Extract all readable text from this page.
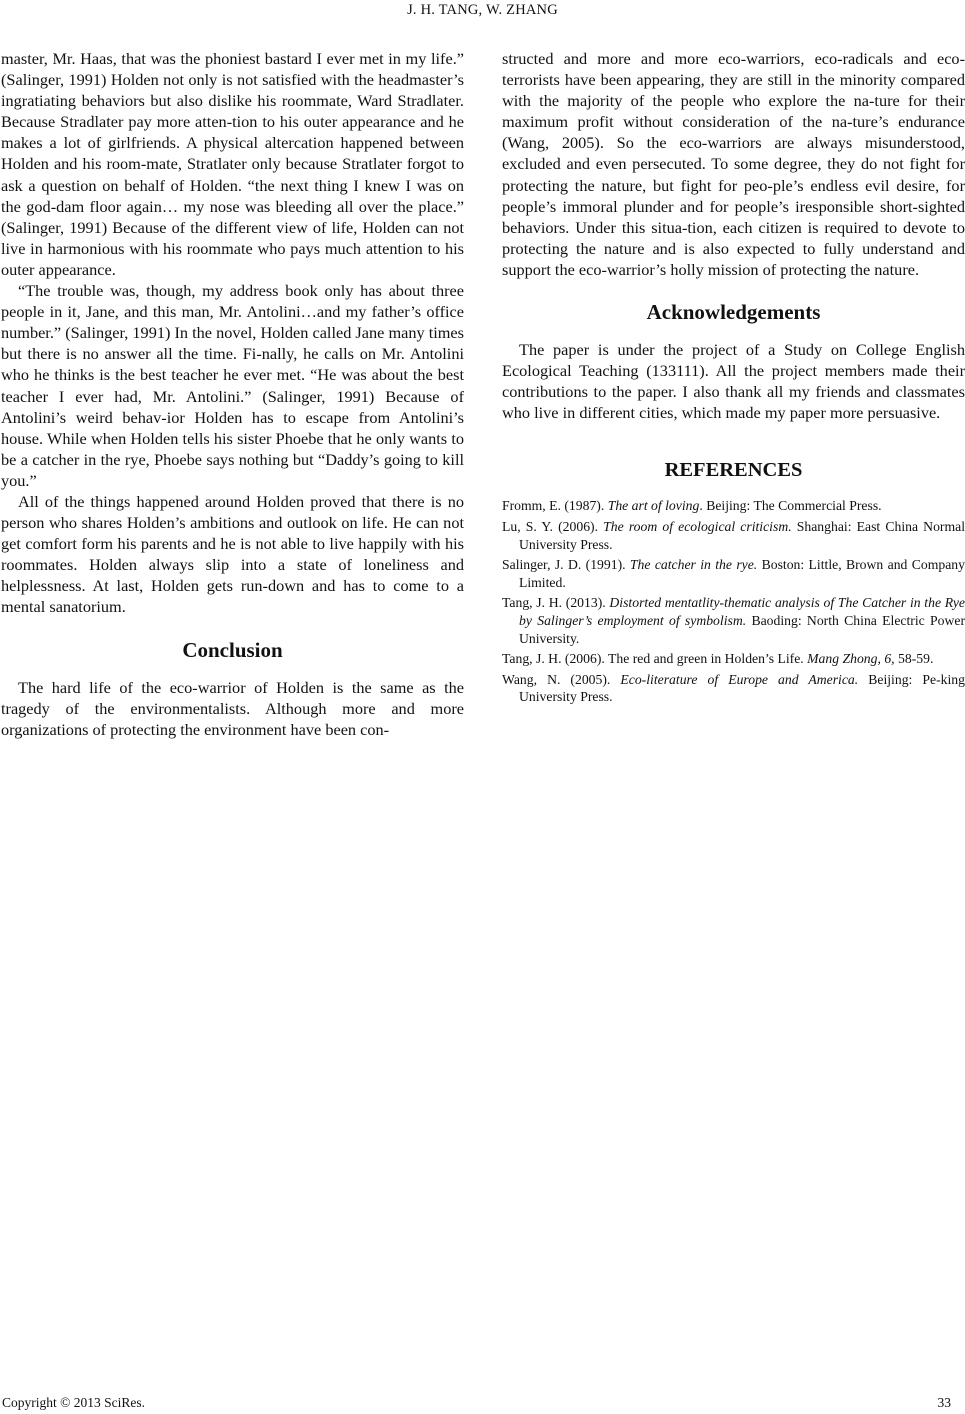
J. H. TANG, W. ZHANG

master, Mr. Haas, that was the phoniest bastard I ever met in my life.” (Salinger, 1991) Holden not only is not satisfied with the headmaster’s ingratiating behaviors but also dislike his roommate, Ward Stradlater. Because Stradlater pay more atten-tion to his outer appearance and he makes a lot of girlfriends. A physical altercation happened between Holden and his room-mate, Stratlater only because Stratlater forgot to ask a question on behalf of Holden. “the next thing I knew I was on the god-dam floor again… my nose was bleeding all over the place.” (Salinger, 1991) Because of the different view of life, Holden can not live in harmonious with his roommate who pays much attention to his outer appearance.

“The trouble was, though, my address book only has about three people in it, Jane, and this man, Mr. Antolini…and my father’s office number.” (Salinger, 1991) In the novel, Holden called Jane many times but there is no answer all the time. Fi-nally, he calls on Mr. Antolini who he thinks is the best teacher he ever met. “He was about the best teacher I ever had, Mr. Antolini.” (Salinger, 1991) Because of Antolini’s weird behav-ior Holden has to escape from Antolini’s house. While when Holden tells his sister Phoebe that he only wants to be a catcher in the rye, Phoebe says nothing but “Daddy’s going to kill you.”

All of the things happened around Holden proved that there is no person who shares Holden’s ambitions and outlook on life. He can not get comfort form his parents and he is not able to live happily with his roommates. Holden always slip into a state of loneliness and helplessness. At last, Holden gets run-down and has to come to a mental sanatorium.

Conclusion

The hard life of the eco-warrior of Holden is the same as the tragedy of the environmentalists. Although more and more organizations of protecting the environment have been con-

structed and more and more eco-warriors, eco-radicals and eco-terrorists have been appearing, they are still in the minority compared with the majority of the people who explore the na-ture for their maximum profit without consideration of the na-ture’s endurance (Wang, 2005). So the eco-warriors are always misunderstood, excluded and even persecuted. To some degree, they do not fight for protecting the nature, but fight for peo-ple’s endless evil desire, for people’s immoral plunder and for people’s iresponsible short-sighted behaviors. Under this situa-tion, each citizen is required to devote to protecting the nature and is also expected to fully understand and support the eco-warrior’s holly mission of protecting the nature.

Acknowledgements

The paper is under the project of a Study on College English Ecological Teaching (133111). All the project members made their contributions to the paper. I also thank all my friends and classmates who live in different cities, which made my paper more persuasive.

REFERENCES
Fromm, E. (1987). The art of loving. Beijing: The Commercial Press.
Lu, S. Y. (2006). The room of ecological criticism. Shanghai: East China Normal University Press.
Salinger, J. D. (1991). The catcher in the rye. Boston: Little, Brown and Company Limited.
Tang, J. H. (2013). Distorted mentatlity-thematic analysis of The Catcher in the Rye by Salinger’s employment of symbolism. Baoding: North China Electric Power University.
Tang, J. H. (2006). The red and green in Holden’s Life. Mang Zhong, 6, 58-59.
Wang, N. (2005). Eco-literature of Europe and America. Beijing: Pe-king University Press.
Copyright © 2013 SciRes.	33
